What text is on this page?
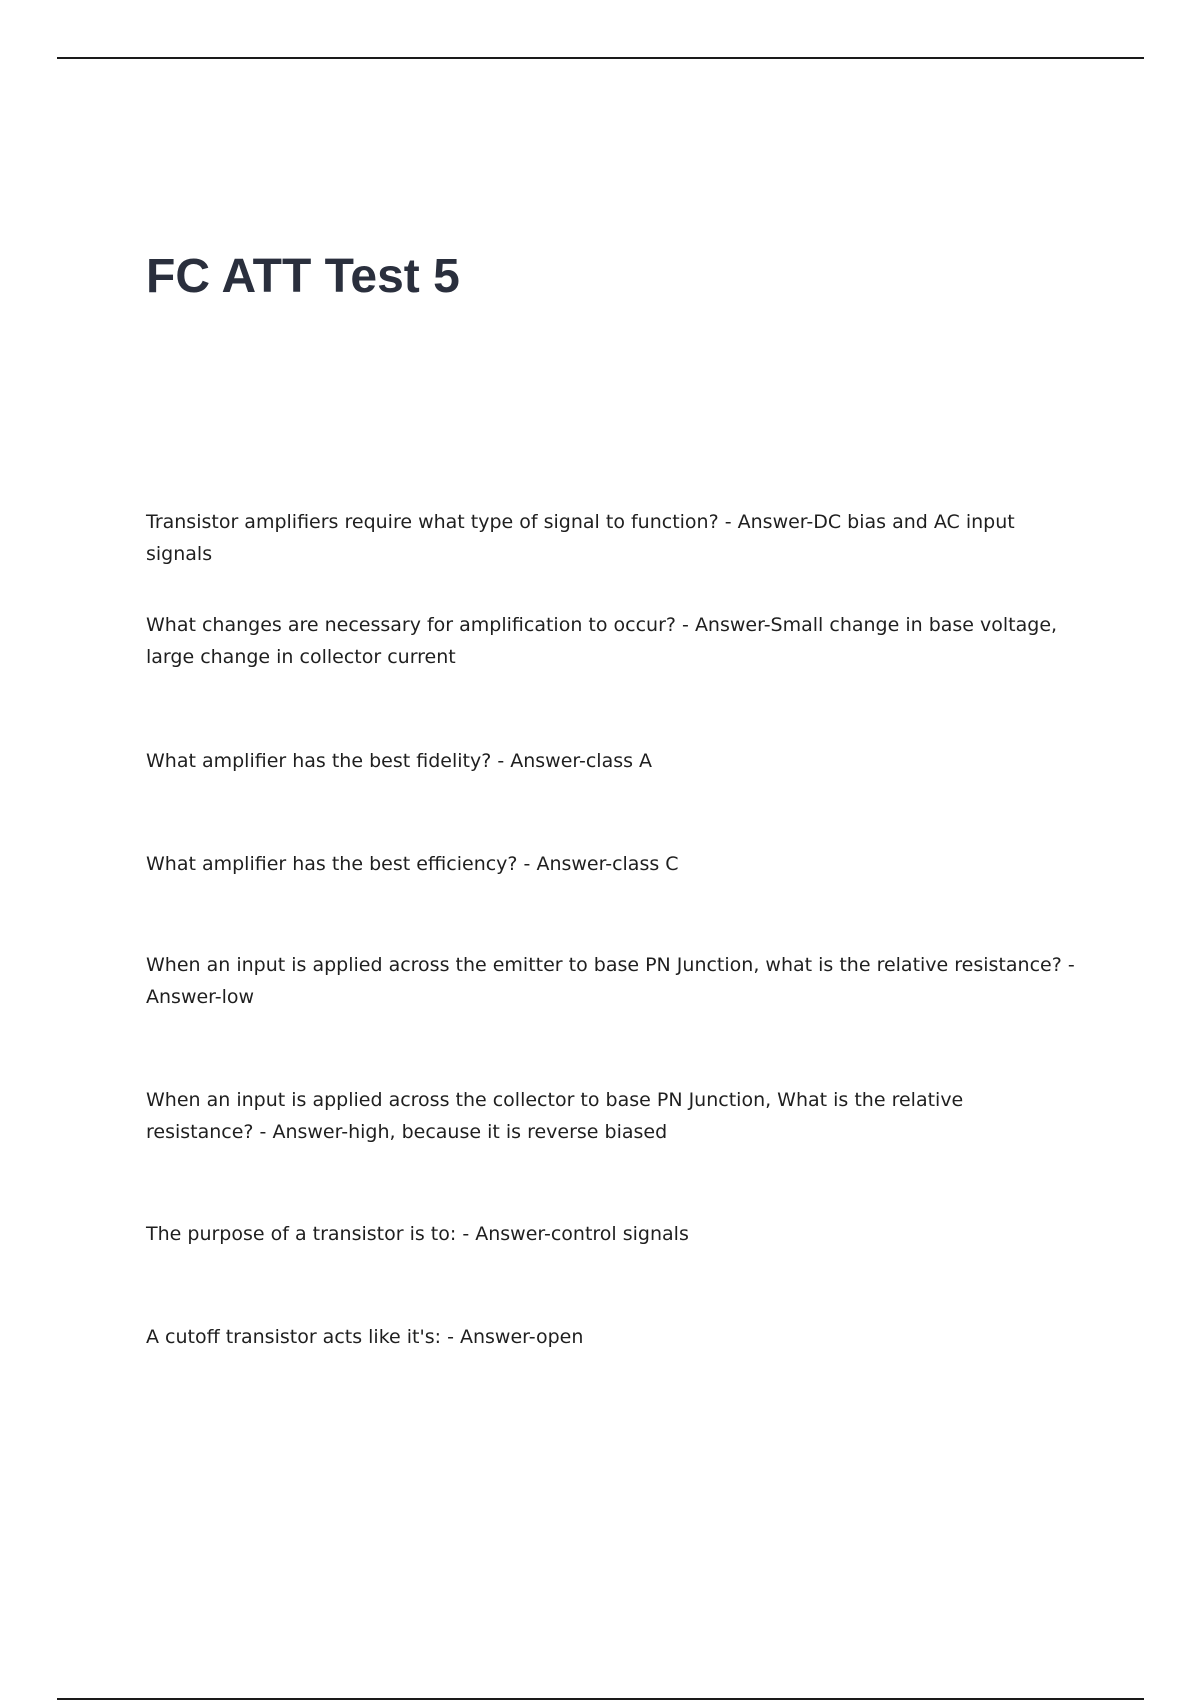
FC ATT Test 5

Transistor amplifiers require what type of signal to function? - Answer-DC bias and AC input signals

What changes are necessary for amplification to occur? - Answer-Small change in base voltage, large change in collector current

What amplifier has the best fidelity? - Answer-class A

What amplifier has the best efficiency? - Answer-class C

When an input is applied across the emitter to base PN Junction, what is the relative resistance? - Answer-low

When an input is applied across the collector to base PN Junction, What is the relative resistance? - Answer-high, because it is reverse biased

The purpose of a transistor is to: - Answer-control signals

A cutoff transistor acts like it's: - Answer-open
